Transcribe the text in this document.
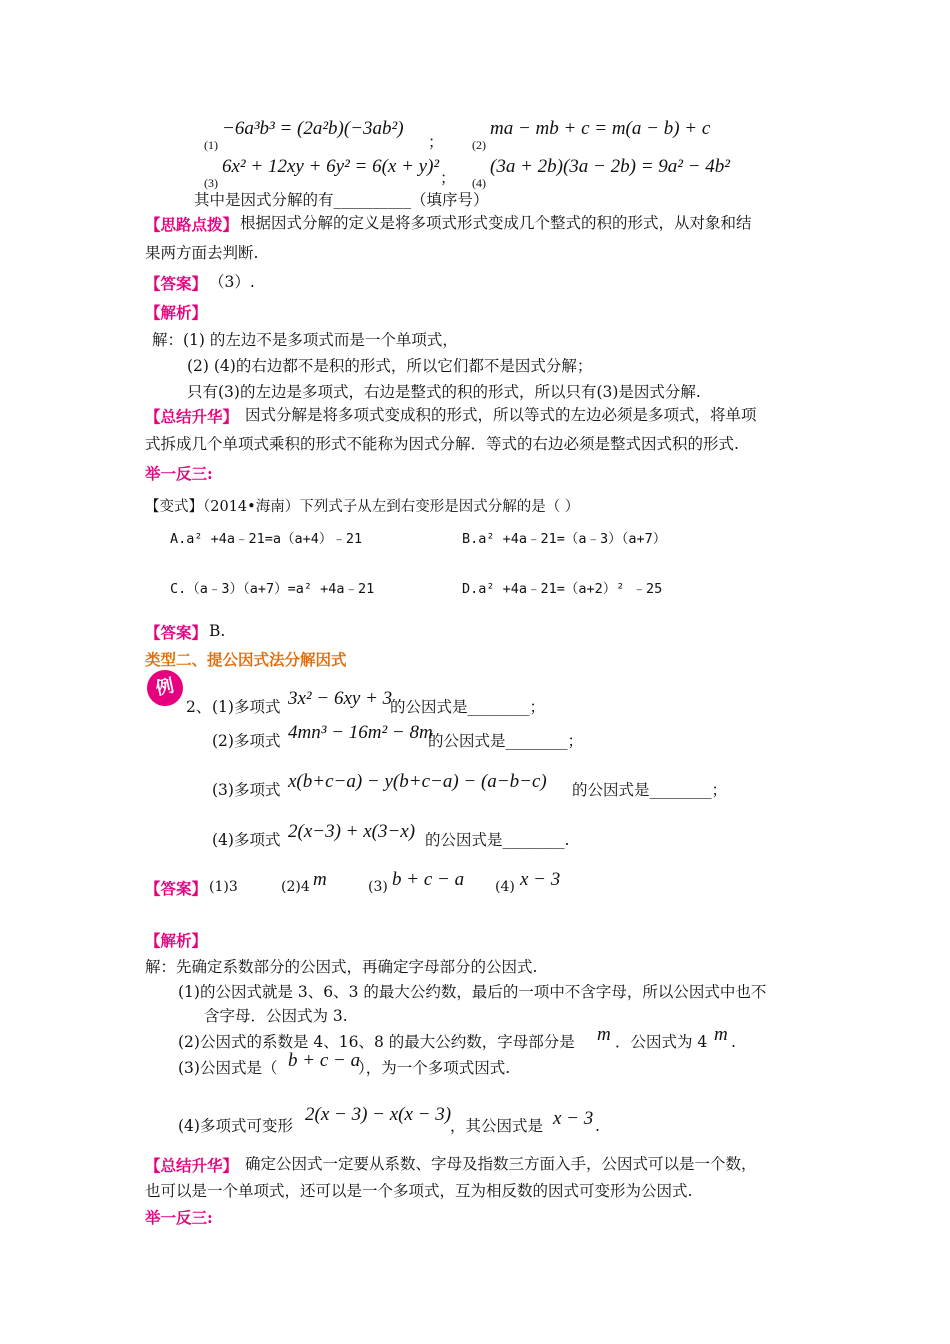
(1)
−6a³b³ = (2a²b)(−3ab²)
； (2)
ma − mb + c = m(a − b) + c
(3)
6x² + 12xy + 6y² = 6(x + y)²
； (4)
(3a + 2b)(3a − 2b) = 9a² − 4b²
其中是因式分解的有__________（填序号）
【思路点拨】 根据因式分解的定义是将多项式形式变成几个整式的积的形式，从对象和结
果两方面去判断.
【答案】 （3）.
【解析】
解：(1) 的左边不是多项式而是一个单项式，
(2) (4)的右边都不是积的形式，所以它们都不是因式分解；
只有(3)的左边是多项式，右边是整式的积的形式，所以只有(3)是因式分解.
【总结升华】 因式分解是将多项式变成积的形式，所以等式的左边必须是多项式，将单项
式拆成几个单项式乘积的形式不能称为因式分解．等式的右边必须是整式因式积的形式.
举一反三:
【变式】（2014•海南）下列式子从左到右变形是因式分解的是（ ）
A.a² +4a﹣21=a（a+4）﹣21	B.a² +4a﹣21=（a﹣3）（a+7）
C.（a﹣3）（a+7）=a² +4a﹣21	D.a² +4a﹣21=（a+2）² ﹣25
【答案】 B.
类型二、提公因式法分解因式
例
2、 (1)多项式 3x² − 6xy + 3
的公因式是________；
(2)多项式 4mn³ − 16m² − 8m
的公因式是________；
(3)多项式 x(b+c−a) − y(b+c−a) − (a−b−c) 的公因式是________；
(4)多项式 2(x−3) + x(3−x) 的公因式是________.
【答案】 (1)3	(2)4 m	(3) b + c − a (4) x − 3
【解析】
解：先确定系数部分的公因式，再确定字母部分的公因式.
(1)的公因式就是 3、6、3 的最大公约数，最后的一项中不含字母，所以公因式中也不
含字母．公因式为 3.
(2)公因式的系数是 4、16、8 的最大公约数，字母部分是 m ．公因式为 4 m .
(3)公因式是（ b + c − a
），为一个多项式因式.
(4)多项式可变形
2(x − 3) − x(x − 3)
，其公因式是 x − 3 .
【总结升华】 确定公因式一定要从系数、字母及指数三方面入手，公因式可以是一个数，
也可以是一个单项式，还可以是一个多项式，互为相反数的因式可变形为公因式.
举一反三:
